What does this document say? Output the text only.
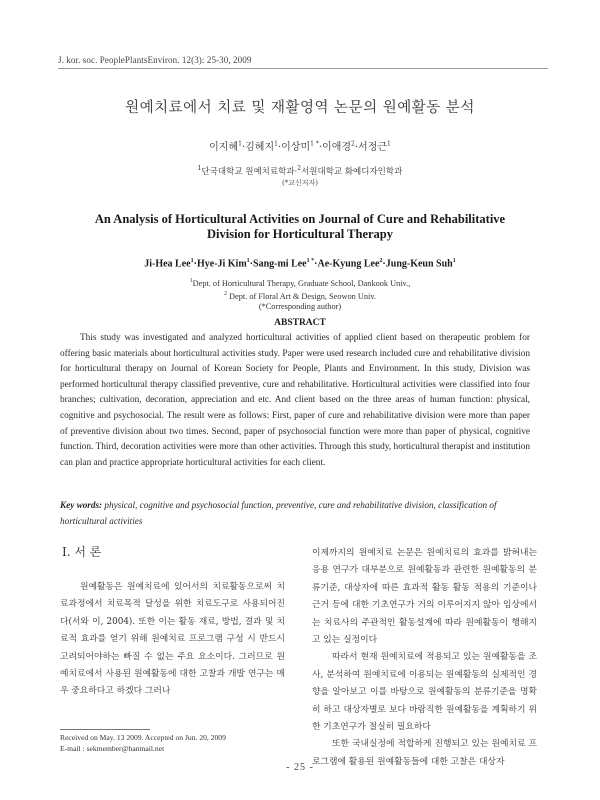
J. kor. soc. PeoplePlantsEnviron. 12(3): 25-30, 2009
원예치료에서 치료 및 재활영역 논문의 원예활동 분석
이지혜$^1$·김혜지$^1$·이상미$^{1 *}$·이애경$^2$·서정근$^1$
$^1$단국대학교 원예치료학과·$^2$서원대학교 화예디자인학과
(*교신저자)
An Analysis of Horticultural Activities on Journal of Cure and Rehabilitative
Division for Horticultural Therapy
Ji-Hea Lee$^1$·Hye-Ji Kim$^1$·Sang-mi Lee$^{1 *}$·Ae-Kyung Lee$^2$·Jung-Keun Suh$^1$
$^1$Dept. of Horticultural Therapy, Graduate School, Dankook Univ.,
$^2$ Dept. of Floral Art & Design, Seowon Univ.
(*Corresponding author)
ABSTRACT
This study was investigated and analyzed horticultural activities of applied client based on therapeutic problem for offering basic materials about horticultural activities study. Paper were used research included cure and rehabilitative division for horticultural therapy on Journal of Korean Society for People, Plants and Environment. In this study, Division was performed horticultural therapy classified preventive, cure and rehabilitative. Horticultural activities were classified into four branches; cultivation, decoration, appreciation and etc. And client based on the three areas of human function: physical, cognitive and psychosocial. The result were as follows: First, paper of cure and rehabilitative division were more than paper of preventive division about two times. Second, paper of psychosocial function were more than paper of physical, cognitive function. Third, decoration activities were more than other activities. Through this study, horticultural therapist and institution can plan and practice appropriate horticultural activities for each client.
Key words: physical, cognitive and psychosocial function, preventive, cure and rehabilitative division, classification of horticultural activities
Ⅰ. 서 론

원예활동은 원예치료에 있어서의 치료활동으로써 치료과정에서 치료목적 달성을 위한 치료도구로 사용되어진다(서와 이, 2004). 또한 이는 활동 재료, 방법, 결과 및 치료적 효과를 얻기 위해 원예치료 프로그램 구성 시 반드시 고려되어야하는 빠질 수 없는 주요 요소이다. 그러므로 원예치료에서 사용된 원예활동에 대한 고찰과 개발 연구는 매우 중요하다고 하겠다 그러나

이제까지의 원예치료 논문은 원예치료의 효과를 밝혀내는 응용 연구가 대부분으로 원예활동과 관련한 원예활동의 분류기준, 대상자에 따른 효과적 활동 활동 적용의 기준이나 근거 등에 대한 기초연구가 거의 이루어지지 않아 임상에서는 치료사의 주관적인 활동설계에 따라 원예활동이 행해지고 있는 실정이다

따라서 현재 원예치료에 적용되고 있는 원예활동을 조사, 분석하여 원예치료에 이용되는 원예활동의 실제적인 경향을 알아보고 이를 바탕으로 원예활동의 분류기준을 명확히 하고 대상자별로 보다 바람직한 원예활동을 계획하기 위한 기초연구가 절실히 필요하다

또한 국내실정에 적합하게 진행되고 있는 원예치료 프로그램에 활용된 원예활동들에 대한 고찰은 대상자

Received on May. 13 2009. Accepted on Jun. 20, 2009
E-mail : sekmember@hanmail.net
- 25 -
